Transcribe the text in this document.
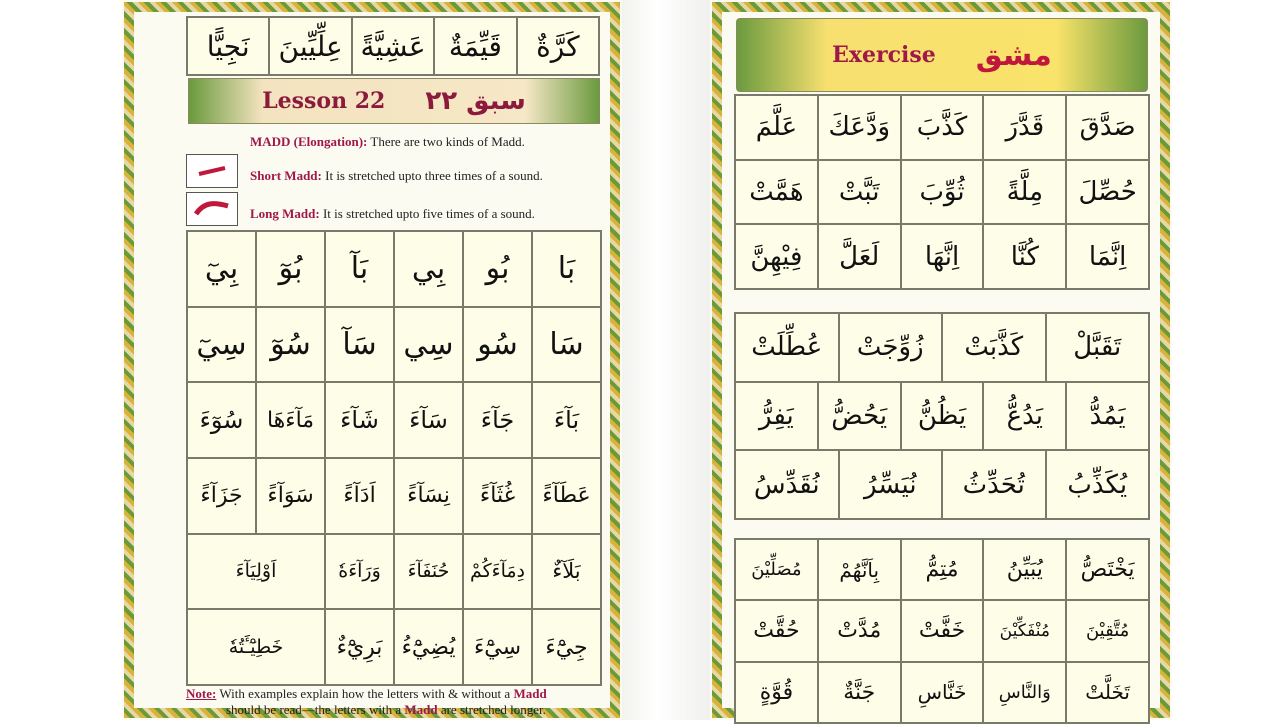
كَرَّةٌ
قَيِّمَةٌ
عَشِيَّةً
عِلِّيِّينَ
نَجِيًّا
Lesson 22 سبق ۲۲
MADD (Elongation): There are two kinds of Madd.
Short Madd: It is stretched upto three times of a sound.
Long Madd: It is stretched upto five times of a sound.
بَا
بُو
بِي
بَآ
بُوٓ
بِيٓ
سَا
سُو
سِي
سَآ
سُوٓ
سِيٓ
بَآءَ
جَآءَ
سَآءَ
شَآءَ
مَآءَهَا
سُوٓءَ
عَطَآءً
غُثَآءً
نِسَآءً
اَدَآءً
سَوَآءً
جَزَآءً
بَلَآءٌ
دِمَآءَكُمْ
حُنَفَآءَ
وَرَآءَهٗ
اَوْلِيَآءَ
جِيْٓءَ
سِيْٓءَ
يُضِيْٓءُ
بَرِيْٓءٌ
خَطِيْٓـَٔتُهٗ
Note: With examples explain how the letters with & without a Madd
should be read—the letters with a Madd are stretched longer.
Exercise مشق
صَدَّقَ
قَدَّرَ
كَذَّبَ
وَدَّعَكَ
عَلَّمَ
حُصِّلَ
مِلَّةً
ثُوِّبَ
تَبَّتْ
هَمَّتْ
اِنَّمَا
كُنَّا
اِنَّهَا
لَعَلَّ
فِيْهِنَّ
تَقَبَّلْ
كَذَّبَتْ
زُوِّجَتْ
عُطِّلَتْ
يَمُدُّ
يَدُعُّ
يَظُنُّ
يَحُضُّ
يَفِرُّ
يُكَذِّبُ
تُحَدِّثُ
نُيَسِّرُ
نُقَدِّسُ
يَخْتَصُّ
يُبَيِّنُ
مُتِمُّ
بِاَنَّهُمْ
مُصَلِّيْنَ
مُتَّقِيْنَ
مُنْفَكِّيْنَ
خَفَّتْ
مُدَّتْ
حُقَّتْ
تَخَلَّتْ
وَالنَّاسِ
خَنَّاسِ
جَنَّةٌ
قُوَّةٍ
